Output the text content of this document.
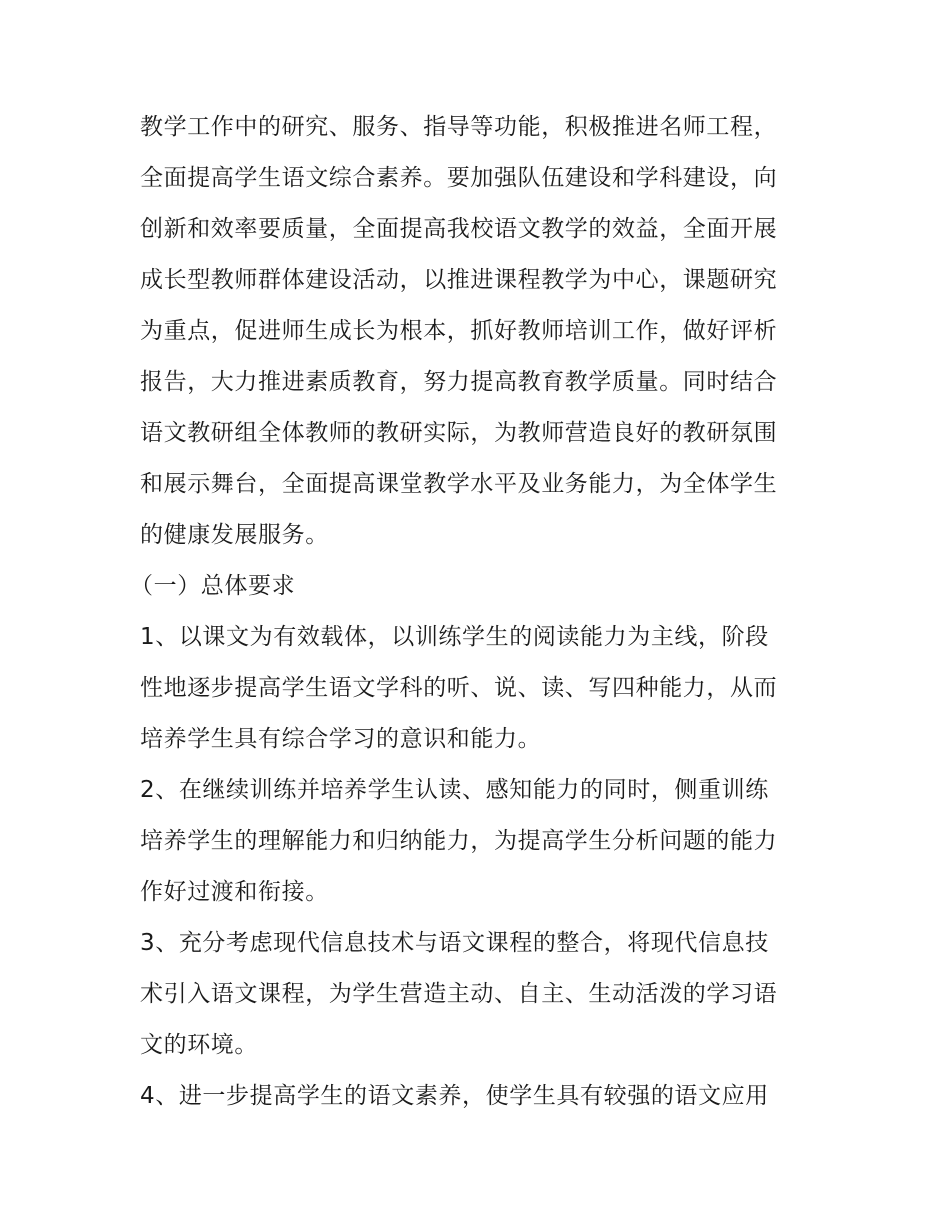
教学工作中的研究、服务、指导等功能，积极推进名师工程，
全面提高学生语文综合素养。要加强队伍建设和学科建设，向
创新和效率要质量，全面提高我校语文教学的效益，全面开展
成长型教师群体建设活动，以推进课程教学为中心，课题研究
为重点，促进师生成长为根本，抓好教师培训工作，做好评析
报告，大力推进素质教育，努力提高教育教学质量。同时结合
语文教研组全体教师的教研实际，为教师营造良好的教研氛围
和展示舞台，全面提高课堂教学水平及业务能力，为全体学生
的健康发展服务。
（一）总体要求
1、以课文为有效载体，以训练学生的阅读能力为主线，阶段
性地逐步提高学生语文学科的听、说、读、写四种能力，从而
培养学生具有综合学习的意识和能力。
2、在继续训练并培养学生认读、感知能力的同时，侧重训练
培养学生的理解能力和归纳能力，为提高学生分析问题的能力
作好过渡和衔接。
3、充分考虑现代信息技术与语文课程的整合，将现代信息技
术引入语文课程，为学生营造主动、自主、生动活泼的学习语
文的环境。
4、进一步提高学生的语文素养，使学生具有较强的语文应用
